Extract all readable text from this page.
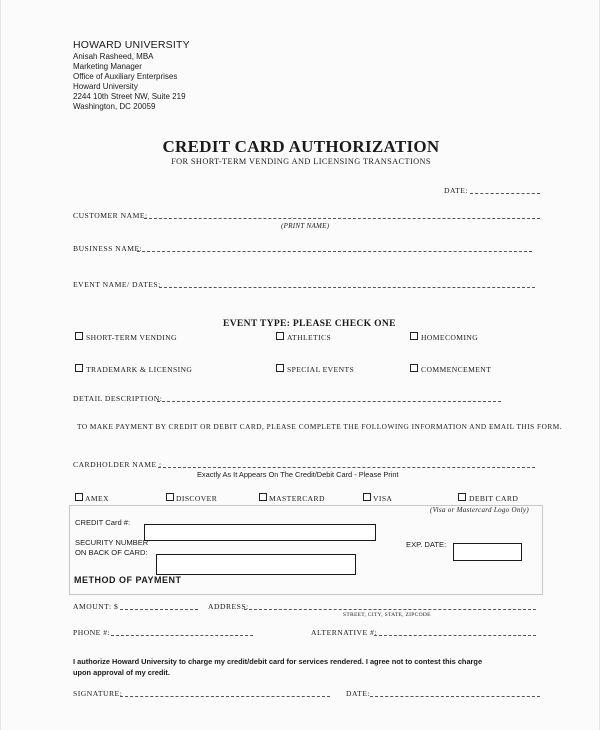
HOWARD UNIVERSITY
Anisah Rasheed, MBA
Marketing Manager
Office of Auxiliary Enterprises
Howard University
2244 10th Street NW, Suite 219
Washington, DC 20059
CREDIT CARD AUTHORIZATION
FOR SHORT-TERM VENDING AND LICENSING TRANSACTIONS
DATE:
CUSTOMER NAME:
(PRINT NAME)
BUSINESS NAME:
EVENT NAME/ DATES:
EVENT TYPE: PLEASE CHECK ONE
SHORT-TERM VENDING	ATHLETICS	HOMECOMING
TRADEMARK & LICENSING	SPECIAL EVENTS	COMMENCEMENT
DETAIL DESCRIPTION:
TO MAKE PAYMENT BY CREDIT OR DEBIT CARD, PLEASE COMPLETE THE FOLLOWING INFORMATION AND EMAIL THIS FORM.
CARDHOLDER NAME :
Exactly As It Appears On The Credit/Debit Card - Please Print
AMEX	DISCOVER	MASTERCARD	VISA	DEBIT CARD
(Visa or Mastercard Logo Only)
CREDIT Card #:
SECURITY NUMBER
ON BACK OF CARD:
EXP. DATE:
METHOD OF PAYMENT
AMOUNT: $	ADDRESS:
STREET, CITY, STATE, ZIPCODE
PHONE #:	ALTERNATIVE #:
I authorize Howard University to charge my credit/debit card for services rendered. I agree not to contest this charge
upon approval of my credit.
SIGNATURE:	DATE:
